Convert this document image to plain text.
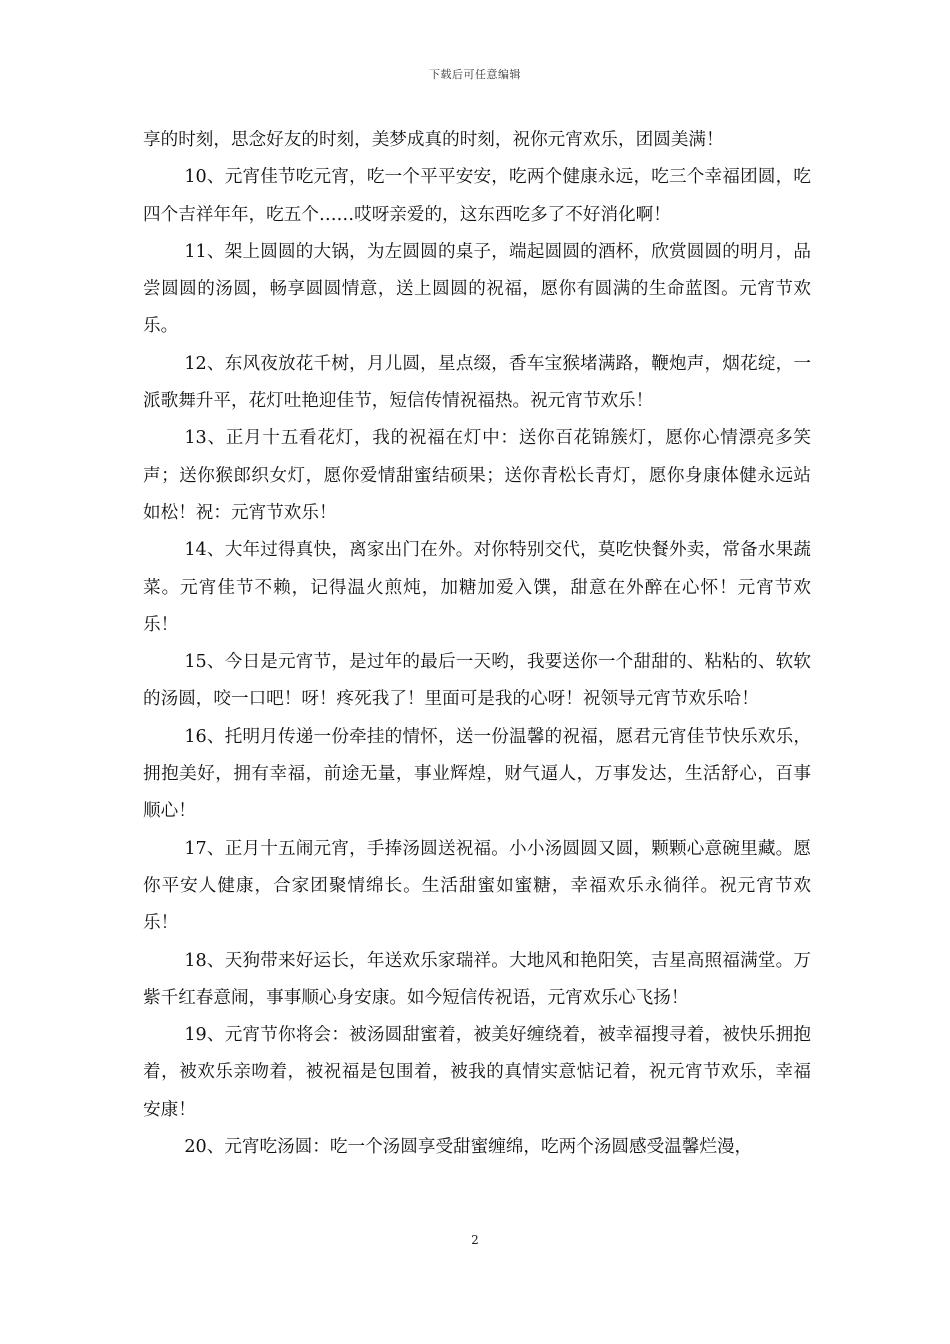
下载后可任意编辑

享的时刻，思念好友的时刻，美梦成真的时刻，祝你元宵欢乐，团圆美满！

10、元宵佳节吃元宵，吃一个平平安安，吃两个健康永远，吃三个幸福团圆，吃四个吉祥年年，吃五个……哎呀亲爱的，这东西吃多了不好消化啊！

11、架上圆圆的大锅，为左圆圆的桌子，端起圆圆的酒杯，欣赏圆圆的明月，品尝圆圆的汤圆，畅享圆圆情意，送上圆圆的祝福，愿你有圆满的生命蓝图。元宵节欢乐。

12、东风夜放花千树，月儿圆，星点缀，香车宝猴堵满路，鞭炮声，烟花绽，一派歌舞升平，花灯吐艳迎佳节，短信传情祝福热。祝元宵节欢乐！

13、正月十五看花灯，我的祝福在灯中：送你百花锦簇灯，愿你心情漂亮多笑声；送你猴郎织女灯，愿你爱情甜蜜结硕果；送你青松长青灯，愿你身康体健永远站如松！祝：元宵节欢乐！

14、大年过得真快，离家出门在外。对你特别交代，莫吃快餐外卖，常备水果蔬菜。元宵佳节不赖，记得温火煎炖，加糖加爱入馔，甜意在外醉在心怀！元宵节欢乐！

15、今日是元宵节，是过年的最后一天哟，我要送你一个甜甜的、粘粘的、软软的汤圆，咬一口吧！呀！疼死我了！里面可是我的心呀！祝领导元宵节欢乐哈！

16、托明月传递一份牵挂的情怀，送一份温馨的祝福，愿君元宵佳节快乐欢乐，拥抱美好，拥有幸福，前途无量，事业辉煌，财气逼人，万事发达，生活舒心，百事顺心！

17、正月十五闹元宵，手捧汤圆送祝福。小小汤圆圆又圆，颗颗心意碗里藏。愿你平安人健康，合家团聚情绵长。生活甜蜜如蜜糖，幸福欢乐永徜徉。祝元宵节欢乐！

18、天狗带来好运长，年送欢乐家瑞祥。大地风和艳阳笑，吉星高照福满堂。万紫千红春意闹，事事顺心身安康。如今短信传祝语，元宵欢乐心飞扬！

19、元宵节你将会：被汤圆甜蜜着，被美好缠绕着，被幸福搜寻着，被快乐拥抱着，被欢乐亲吻着，被祝福是包围着，被我的真情实意惦记着，祝元宵节欢乐，幸福安康！

20、元宵吃汤圆：吃一个汤圆享受甜蜜缠绵，吃两个汤圆感受温馨烂漫，

2
